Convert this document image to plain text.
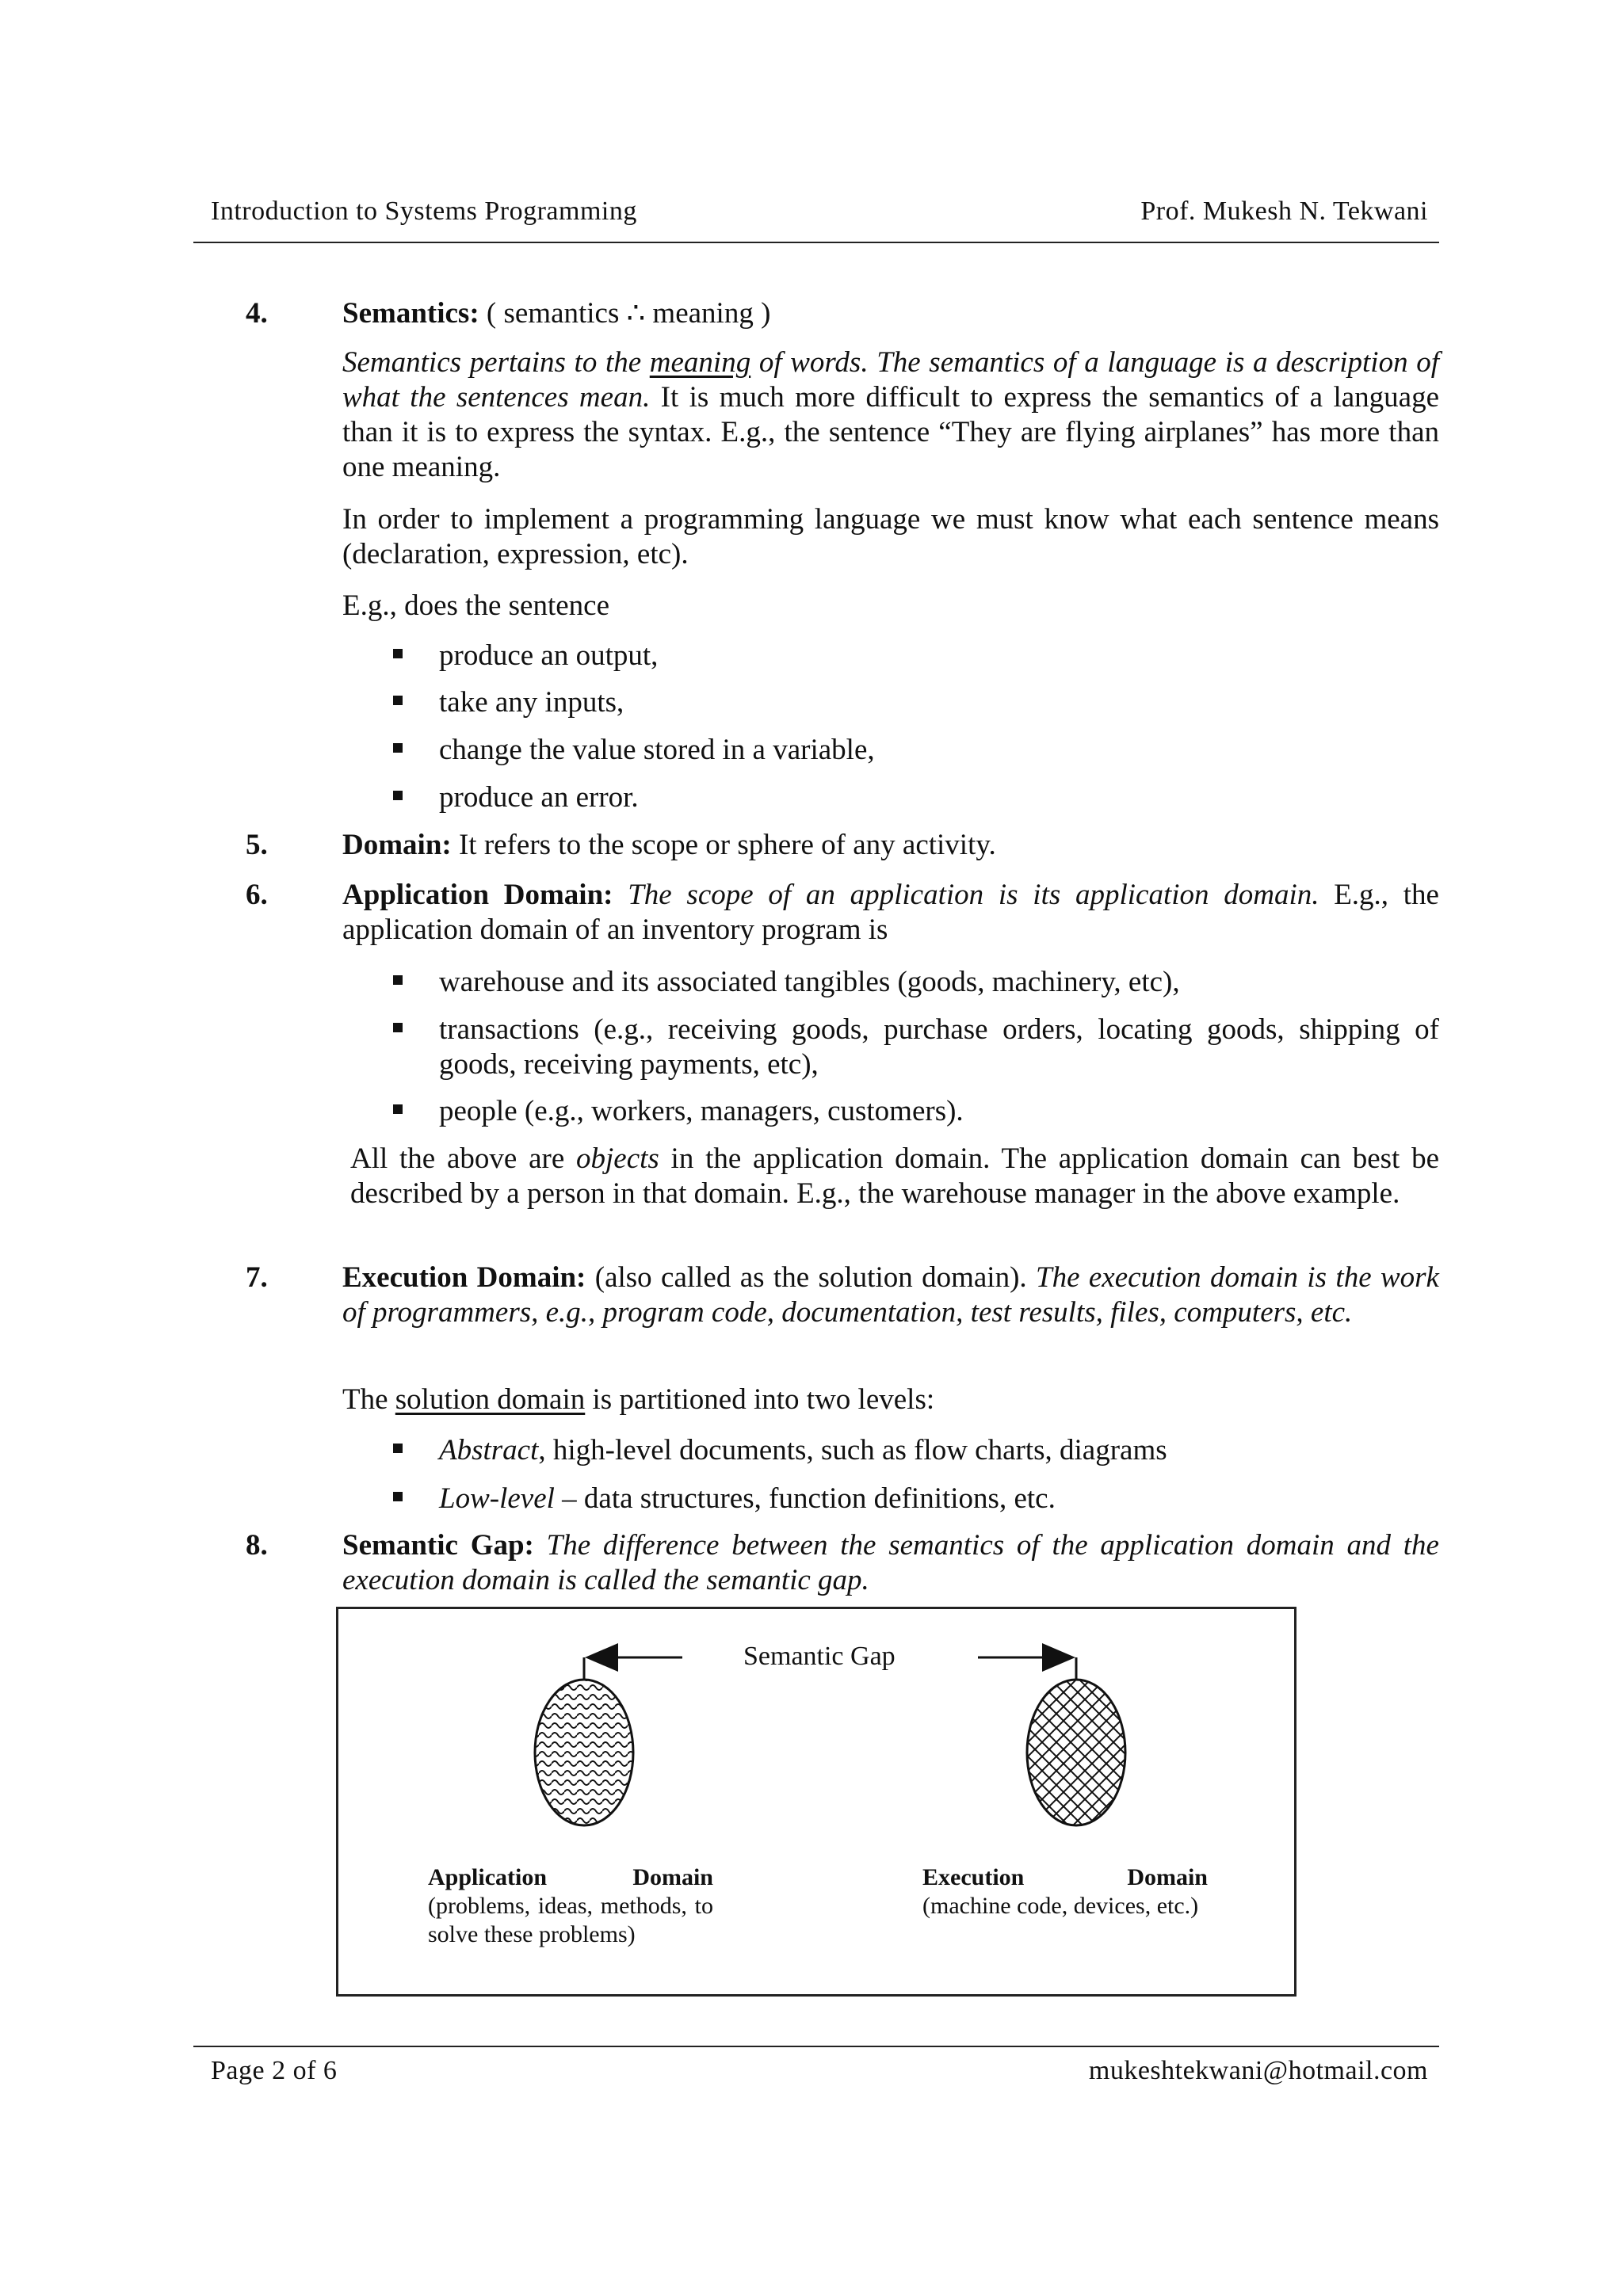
Introduction to Systems Programming	Prof. Mukesh N. Tekwani
4.	Semantics: ( semantics ∴ meaning )
Semantics pertains to the meaning of words. The semantics of a language is a description of what the sentences mean. It is much more difficult to express the semantics of a language than it is to express the syntax. E.g., the sentence “They are flying airplanes” has more than one meaning.
In order to implement a programming language we must know what each sentence means (declaration, expression, etc).
E.g., does the sentence
produce an output,
take any inputs,
change the value stored in a variable,
produce an error.
5.	Domain: It refers to the scope or sphere of any activity.
6.	Application Domain: The scope of an application is its application domain. E.g., the application domain of an inventory program is
warehouse and its associated tangibles (goods, machinery, etc),
transactions (e.g., receiving goods, purchase orders, locating goods, shipping of goods, receiving payments, etc),
people (e.g., workers, managers, customers).
All the above are objects in the application domain. The application domain can best be described by a person in that domain. E.g., the warehouse manager in the above example.
7.	Execution Domain: (also called as the solution domain). The execution domain is the work of programmers, e.g., program code, documentation, test results, files, computers, etc.
The solution domain is partitioned into two levels:
Abstract, high-level documents, such as flow charts, diagrams
Low-level – data structures, function definitions, etc.
8.	Semantic Gap: The difference between the semantics of the application domain and the execution domain is called the semantic gap.
Semantic Gap
Application	Domain
(problems, ideas, methods, to solve these problems)
Execution	Domain
(machine code, devices, etc.)
Page 2 of 6	mukeshtekwani@hotmail.com
